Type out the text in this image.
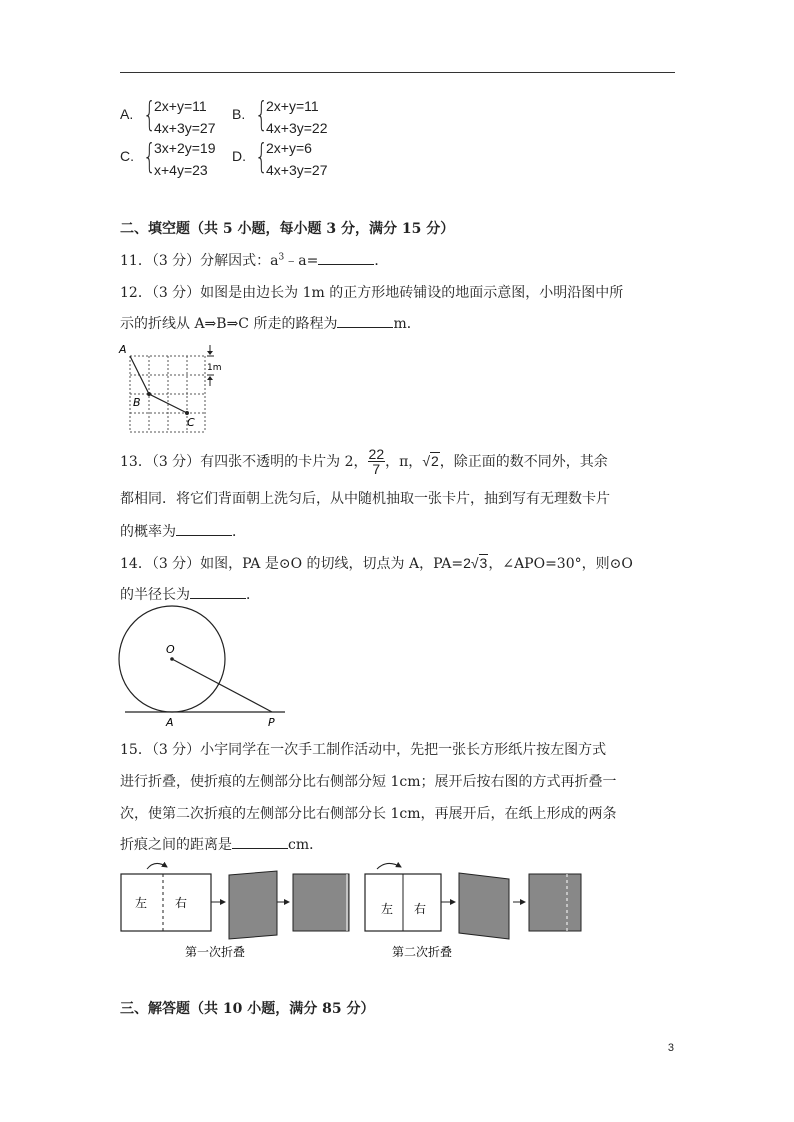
A. {
2x+y=11
4x+3y=27
B. {
2x+y=11
4x+3y=22
C. {
3x+2y=19
x+4y=23
D. {
2x+y=6
4x+3y=27
二、填空题（共 5 小题，每小题 3 分，满分 15 分）
11．（3 分）分解因式：$a^3﹣a=$	．
12．（3 分）如图是由边长为 1m 的正方形地砖铺设的地面示意图，小明沿图中所
示的折线从 A⇒B⇒C 所走的路程为	m．
A
B
C
1m
13．（3 分）有四张不透明的卡片为 2， $\frac{22}{7}$ ，π， √2 ，除正面的数不同外，其余
都相同．将它们背面朝上洗匀后，从中随机抽取一张卡片，抽到写有无理数卡片
的概率为	．
14．（3 分）如图，PA 是⊙O 的切线，切点为 A，PA=2√3，∠APO=30°，则⊙O
的半径长为	．
O
A	P
15．（3 分）小宇同学在一次手工制作活动中，先把一张长方形纸片按左图方式
进行折叠，使折痕的左侧部分比右侧部分短 1cm；展开后按右图的方式再折叠一
次，使第二次折痕的左侧部分比右侧部分长 1cm，再展开后，在纸上形成的两条
折痕之间的距离是	cm．
左 右
第一次折叠
左 右
第二次折叠
三、解答题（共 10 小题，满分 85 分）
3
